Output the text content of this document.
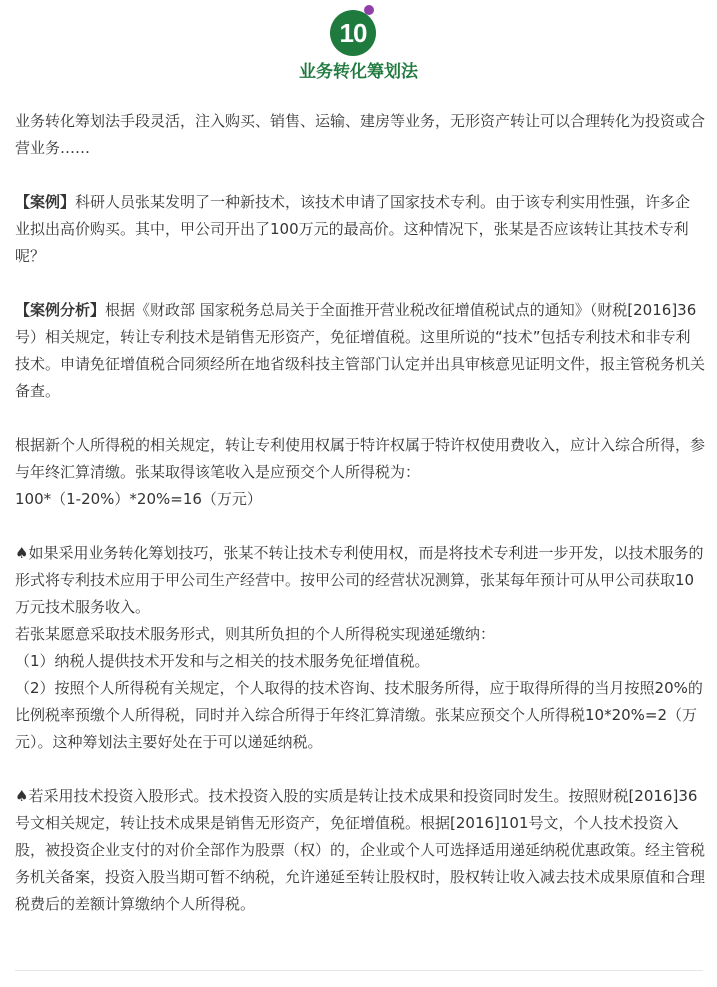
10
业务转化筹划法

业务转化筹划法手段灵活，注入购买、销售、运输、建房等业务，无形资产转让可以合理转化为投资或合营业务……

【案例】科研人员张某发明了一种新技术，该技术申请了国家技术专利。由于该专利实用性强，许多企业拟出高价购买。其中，甲公司开出了100万元的最高价。这种情况下，张某是否应该转让其技术专利呢？

【案例分析】根据《财政部 国家税务总局关于全面推开营业税改征增值税试点的通知》（财税[2016]36号）相关规定，转让专利技术是销售无形资产，免征增值税。这里所说的“技术”包括专利技术和非专利技术。申请免征增值税合同须经所在地省级科技主管部门认定并出具审核意见证明文件，报主管税务机关备查。

根据新个人所得税的相关规定，转让专利使用权属于特许权属于特许权使用费收入，应计入综合所得，参与年终汇算清缴。张某取得该笔收入是应预交个人所得税为：

100*（1-20%）*20%=16（万元）

♠如果采用业务转化筹划技巧，张某不转让技术专利使用权，而是将技术专利进一步开发，以技术服务的形式将专利技术应用于甲公司生产经营中。按甲公司的经营状况测算，张某每年预计可从甲公司获取10万元技术服务收入。

若张某愿意采取技术服务形式，则其所负担的个人所得税实现递延缴纳：

（1）纳税人提供技术开发和与之相关的技术服务免征增值税。

（2）按照个人所得税有关规定，个人取得的技术咨询、技术服务所得，应于取得所得的当月按照20%的比例税率预缴个人所得税，同时并入综合所得于年终汇算清缴。张某应预交个人所得税10*20%=2（万元）。这种筹划法主要好处在于可以递延纳税。

♠若采用技术投资入股形式。技术投资入股的实质是转让技术成果和投资同时发生。按照财税[2016]36号文相关规定，转让技术成果是销售无形资产，免征增值税。根据[2016]101号文，个人技术投资入股，被投资企业支付的对价全部作为股票（权）的，企业或个人可选择适用递延纳税优惠政策。经主管税务机关备案，投资入股当期可暂不纳税，允许递延至转让股权时，股权转让收入减去技术成果原值和合理税费后的差额计算缴纳个人所得税。
